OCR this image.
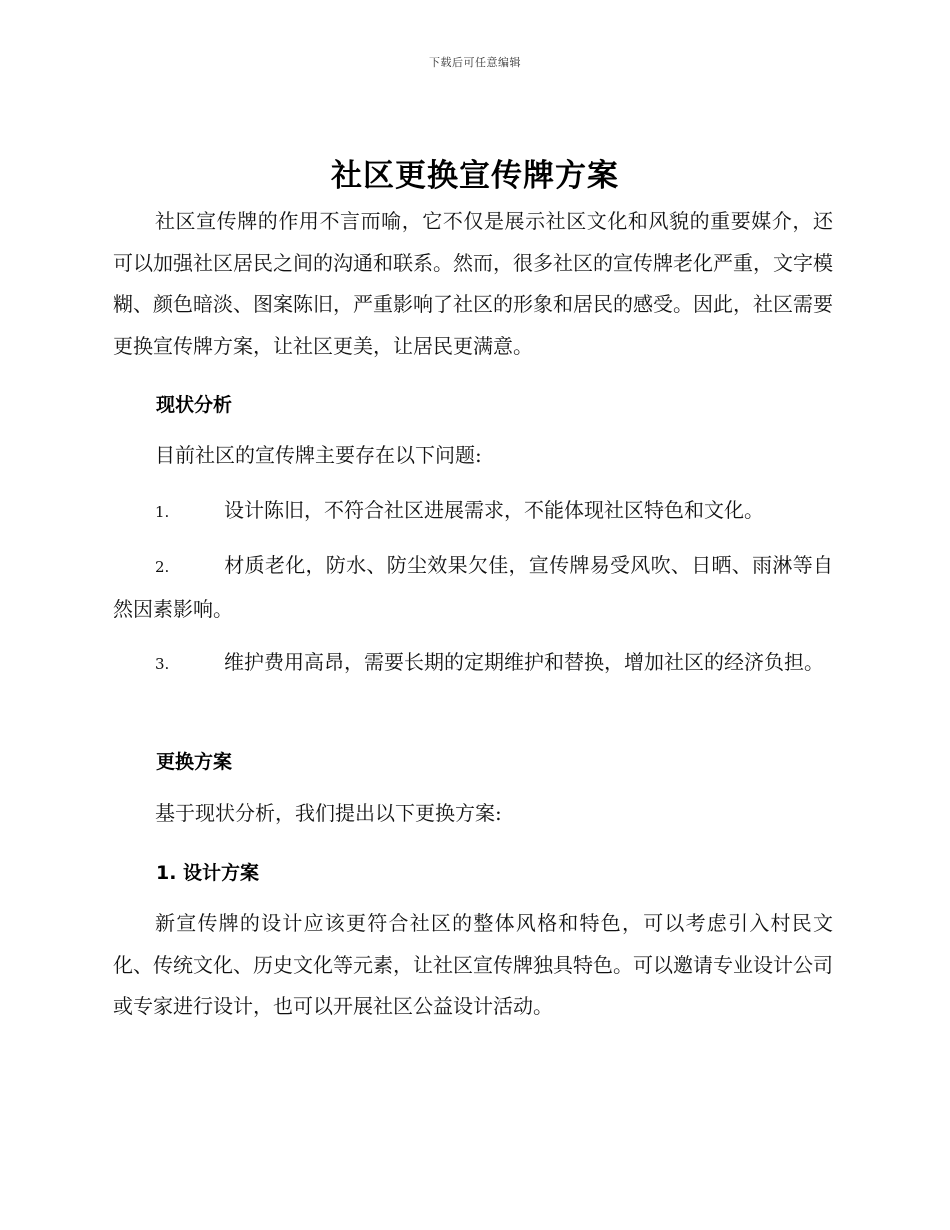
下载后可任意编辑
社区更换宣传牌方案

社区宣传牌的作用不言而喻，它不仅是展示社区文化和风貌的重要媒介，还可以加强社区居民之间的沟通和联系。然而，很多社区的宣传牌老化严重，文字模糊、颜色暗淡、图案陈旧，严重影响了社区的形象和居民的感受。因此，社区需要更换宣传牌方案，让社区更美，让居民更满意。

现状分析

目前社区的宣传牌主要存在以下问题:

1.	设计陈旧，不符合社区进展需求，不能体现社区特色和文化。

2.	材质老化，防水、防尘效果欠佳，宣传牌易受风吹、日晒、雨淋等自然因素影响。

3.	维护费用高昂，需要长期的定期维护和替换，增加社区的经济负担。

更换方案

基于现状分析，我们提出以下更换方案:

1. 设计方案

新宣传牌的设计应该更符合社区的整体风格和特色，可以考虑引入村民文化、传统文化、历史文化等元素，让社区宣传牌独具特色。可以邀请专业设计公司或专家进行设计，也可以开展社区公益设计活动。
